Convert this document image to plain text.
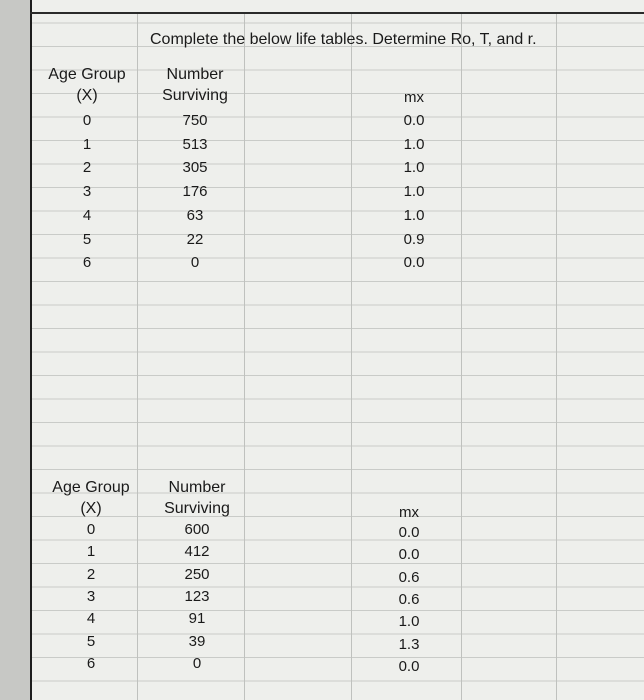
Complete the below life tables. Determine Ro, T, and r.
Age Group
(X)
Number
Surviving	mx
0	750	0.0
1	513	1.0
2	305	1.0
3	176	1.0
4	63	1.0
5	22	0.9
6	0	0.0
Age Group
(X)
Number
Surviving	mx
0	600	0.0
1	412	0.0
2	250	0.6
3	123	0.6
4	91	1.0
5	39	1.3
6	0	0.0
